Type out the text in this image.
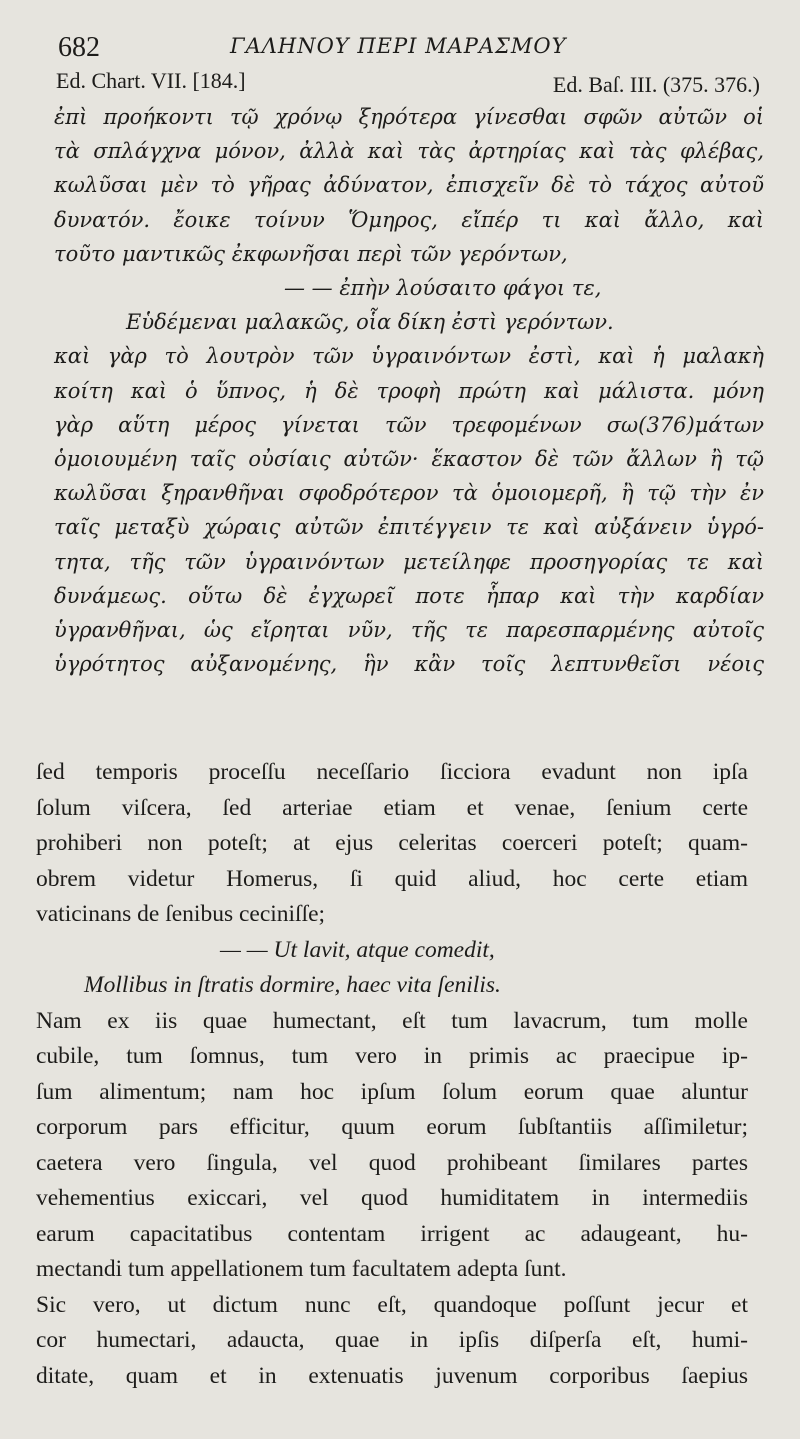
682	ΓΑΛΗΝΟΥ ΠΕΡΙ ΜΑΡΑΣΜΟΥ
Ed. Chart. VII. [184.]	Ed. Baſ. III. (375. 376.)
ἐπὶ προήκοντι τῷ χρόνῳ ξηρότερα γίνεσθαι σφῶν αὐτῶν οἱ
τὰ σπλάγχνα μόνον, ἀλλὰ καὶ τὰς ἀρτηρίας καὶ τὰς φλέβας,
κωλῦσαι μὲν τὸ γῆρας ἀδύνατον, ἐπισχεῖν δὲ τὸ τάχος αὐτοῦ
δυνατόν. ἔοικε τοίνυν Ὅμηρος, εἴπέρ τι καὶ ἄλλο, καὶ
τοῦτο μαντικῶς ἐκφωνῆσαι περὶ τῶν γερόντων,
— — ἐπὴν λούσαιτο φάγοι τε,
Εὑδέμεναι μαλακῶς, οἷα δίκη ἐστὶ γερόντων.
καὶ γὰρ τὸ λουτρὸν τῶν ὑγραινόντων ἐστὶ, καὶ ἡ μαλακὴ
κοίτη καὶ ὁ ὕπνος, ἡ δὲ τροφὴ πρώτη καὶ μάλιστα. μόνη
γὰρ αὕτη μέρος γίνεται τῶν τρεφομένων σω(376)μάτων
ὁμοιουμένη ταῖς οὐσίαις αὐτῶν· ἕκαστον δὲ τῶν ἄλλων ἢ τῷ
κωλῦσαι ξηρανθῆναι σφοδρότερον τὰ ὁμοιομερῆ, ἢ τῷ τὴν ἐν
ταῖς μεταξὺ χώραις αὐτῶν ἐπιτέγγειν τε καὶ αὐξάνειν ὑγρό-
τητα, τῆς τῶν ὑγραινόντων μετείληφε προσηγορίας τε καὶ
δυνάμεως. οὕτω δὲ ἐγχωρεῖ ποτε ἧπαρ καὶ τὴν καρδίαν
ὑγρανθῆναι, ὡς εἴρηται νῦν, τῆς τε παρεσπαρμένης αὐτοῖς
ὑγρότητος αὐξανομένης, ἣν κἂν τοῖς λεπτυνθεῖσι νέοις
ſed temporis proceſſu neceſſario ſicciora evadunt non ipſa
ſolum viſcera, ſed arteriae etiam et venae, ſenium certe
prohiberi non poteſt; at ejus celeritas coerceri poteſt; quam-
obrem videtur Homerus, ſi quid aliud, hoc certe etiam
vaticinans de ſenibus ceciniſſe;
— — Ut lavit, atque comedit,
Mollibus in ſtratis dormire, haec vita ſenilis.
Nam ex iis quae humectant, eſt tum lavacrum, tum molle
cubile, tum ſomnus, tum vero in primis ac praecipue ip-
ſum alimentum; nam hoc ipſum ſolum eorum quae aluntur
corporum pars efficitur, quum eorum ſubſtantiis aſſimiletur;
caetera vero ſingula, vel quod prohibeant ſimilares partes
vehementius exiccari, vel quod humiditatem in intermediis
earum capacitatibus contentam irrigent ac adaugeant, hu-
mectandi tum appellationem tum facultatem adepta ſunt.
Sic vero, ut dictum nunc eſt, quandoque poſſunt jecur et
cor humectari, adaucta, quae in ipſis diſperſa eſt, humi-
ditate, quam et in extenuatis juvenum corporibus ſaepius
